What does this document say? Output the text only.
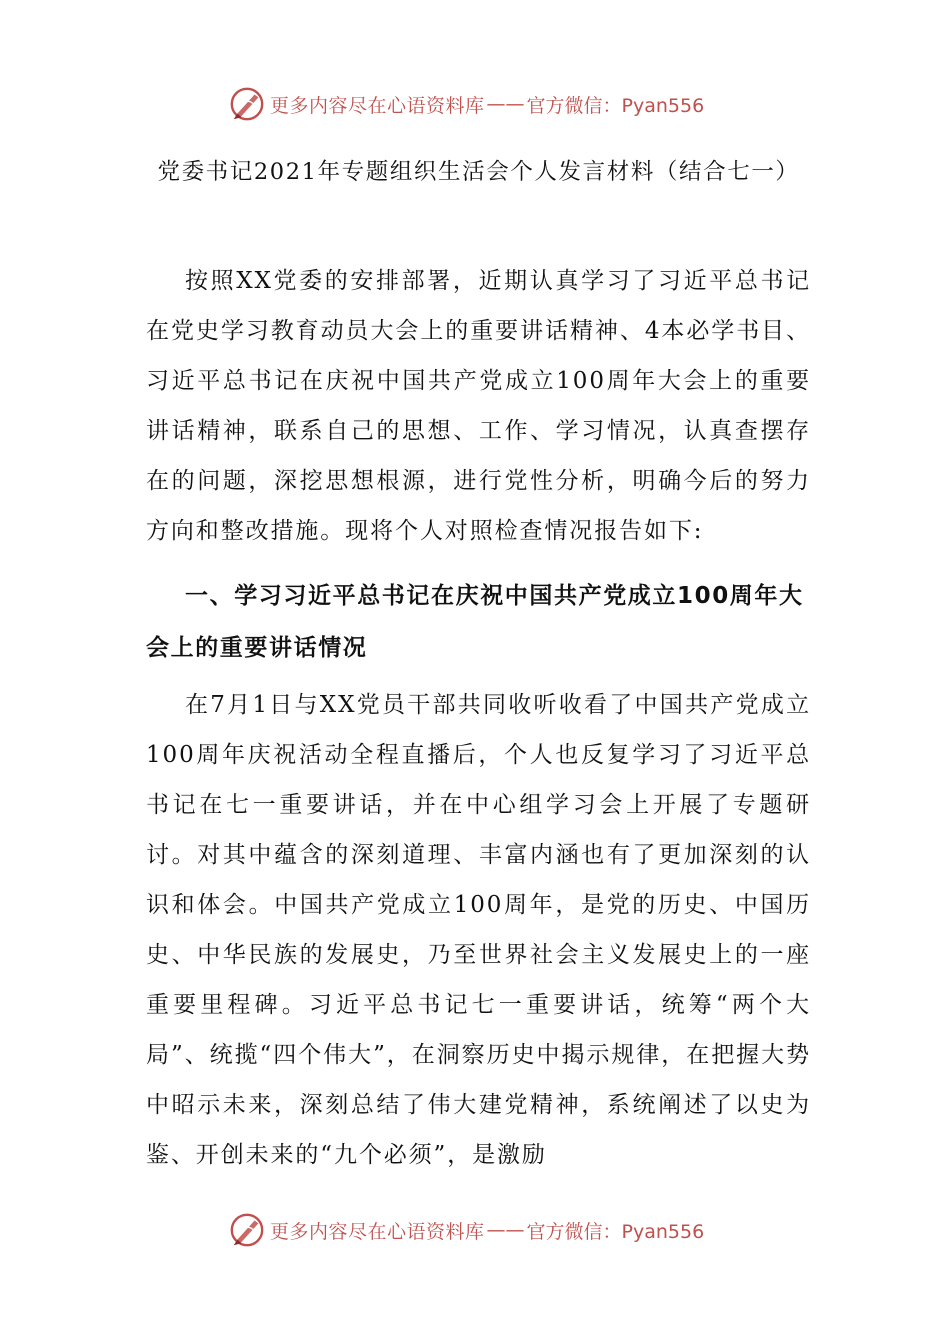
更多内容尽在心语资料库 —— 官方微信：Pyan556
党委书记2021年专题组织生活会个人发言材料（结合七一）
按照XX党委的安排部署，近期认真学习了习近平总书记在党史学习教育动员大会上的重要讲话精神、4本必学书目、习近平总书记在庆祝中国共产党成立100周年大会上的重要讲话精神，联系自己的思想、工作、学习情况，认真查摆存在的问题，深挖思想根源，进行党性分析，明确今后的努力方向和整改措施。现将个人对照检查情况报告如下:
一、学习习近平总书记在庆祝中国共产党成立100周年大会上的重要讲话情况
在7月1日与XX党员干部共同收听收看了中国共产党成立100周年庆祝活动全程直播后，个人也反复学习了习近平总书记在七一重要讲话，并在中心组学习会上开展了专题研讨。对其中蕴含的深刻道理、丰富内涵也有了更加深刻的认识和体会。中国共产党成立100周年，是党的历史、中国历史、中华民族的发展史，乃至世界社会主义发展史上的一座重要里程碑。习近平总书记七一重要讲话，统筹“两个大局”、统揽“四个伟大”，在洞察历史中揭示规律，在把握大势中昭示未来，深刻总结了伟大建党精神，系统阐述了以史为鉴、开创未来的“九个必须”，是激励
更多内容尽在心语资料库 —— 官方微信：Pyan556
